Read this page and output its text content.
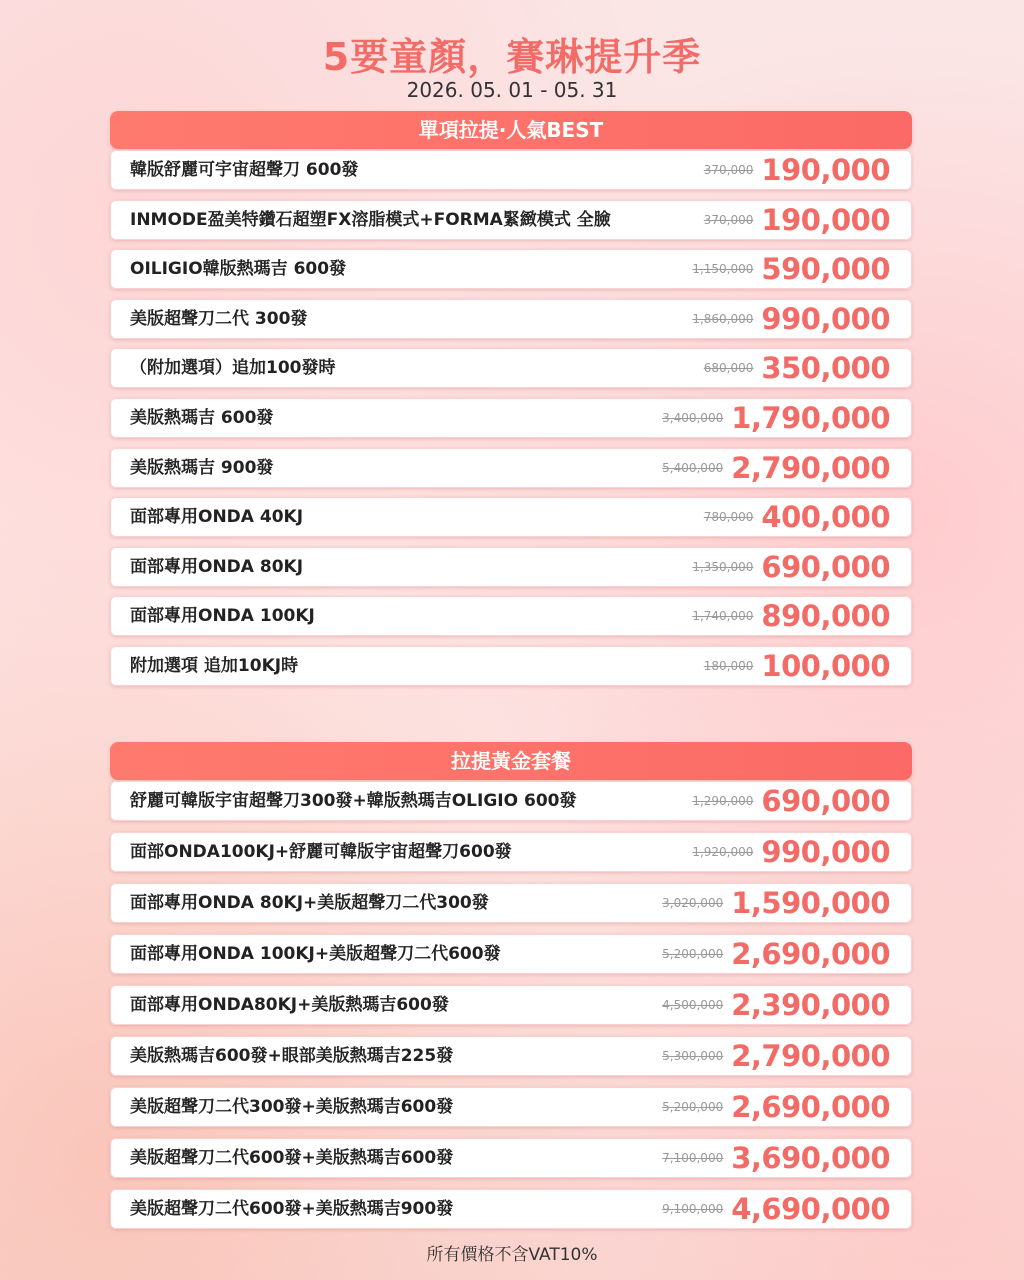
5要童顏，賽琳提升季
2026. 05. 01 - 05. 31
單項拉提·人氣BEST
韓版舒麗可宇宙超聲刀 600發	370,000 190,000
INMODE盈美特鑽石超塑FX溶脂模式+FORMA緊緻模式 全臉	370,000 190,000
OILIGIO韓版熱瑪吉 600發	1,150,000 590,000
美版超聲刀二代 300發	1,860,000 990,000
（附加選項）追加100發時	680,000 350,000
美版熱瑪吉 600發	3,400,000 1,790,000
美版熱瑪吉 900發	5,400,000 2,790,000
面部專用ONDA 40KJ	780,000 400,000
面部專用ONDA 80KJ	1,350,000 690,000
面部專用ONDA 100KJ	1,740,000 890,000
附加選項 追加10KJ時	180,000 100,000
拉提黃金套餐
舒麗可韓版宇宙超聲刀300發+韓版熱瑪吉OLIGIO 600發	1,290,000 690,000
面部ONDA100KJ+舒麗可韓版宇宙超聲刀600發	1,920,000 990,000
面部專用ONDA 80KJ+美版超聲刀二代300發	3,020,000 1,590,000
面部專用ONDA 100KJ+美版超聲刀二代600發	5,200,000 2,690,000
面部專用ONDA80KJ+美版熱瑪吉600發	4,500,000 2,390,000
美版熱瑪吉600發+眼部美版熱瑪吉225發	5,300,000 2,790,000
美版超聲刀二代300發+美版熱瑪吉600發	5,200,000 2,690,000
美版超聲刀二代600發+美版熱瑪吉600發	7,100,000 3,690,000
美版超聲刀二代600發+美版熱瑪吉900發	9,100,000 4,690,000
所有價格不含VAT10%
